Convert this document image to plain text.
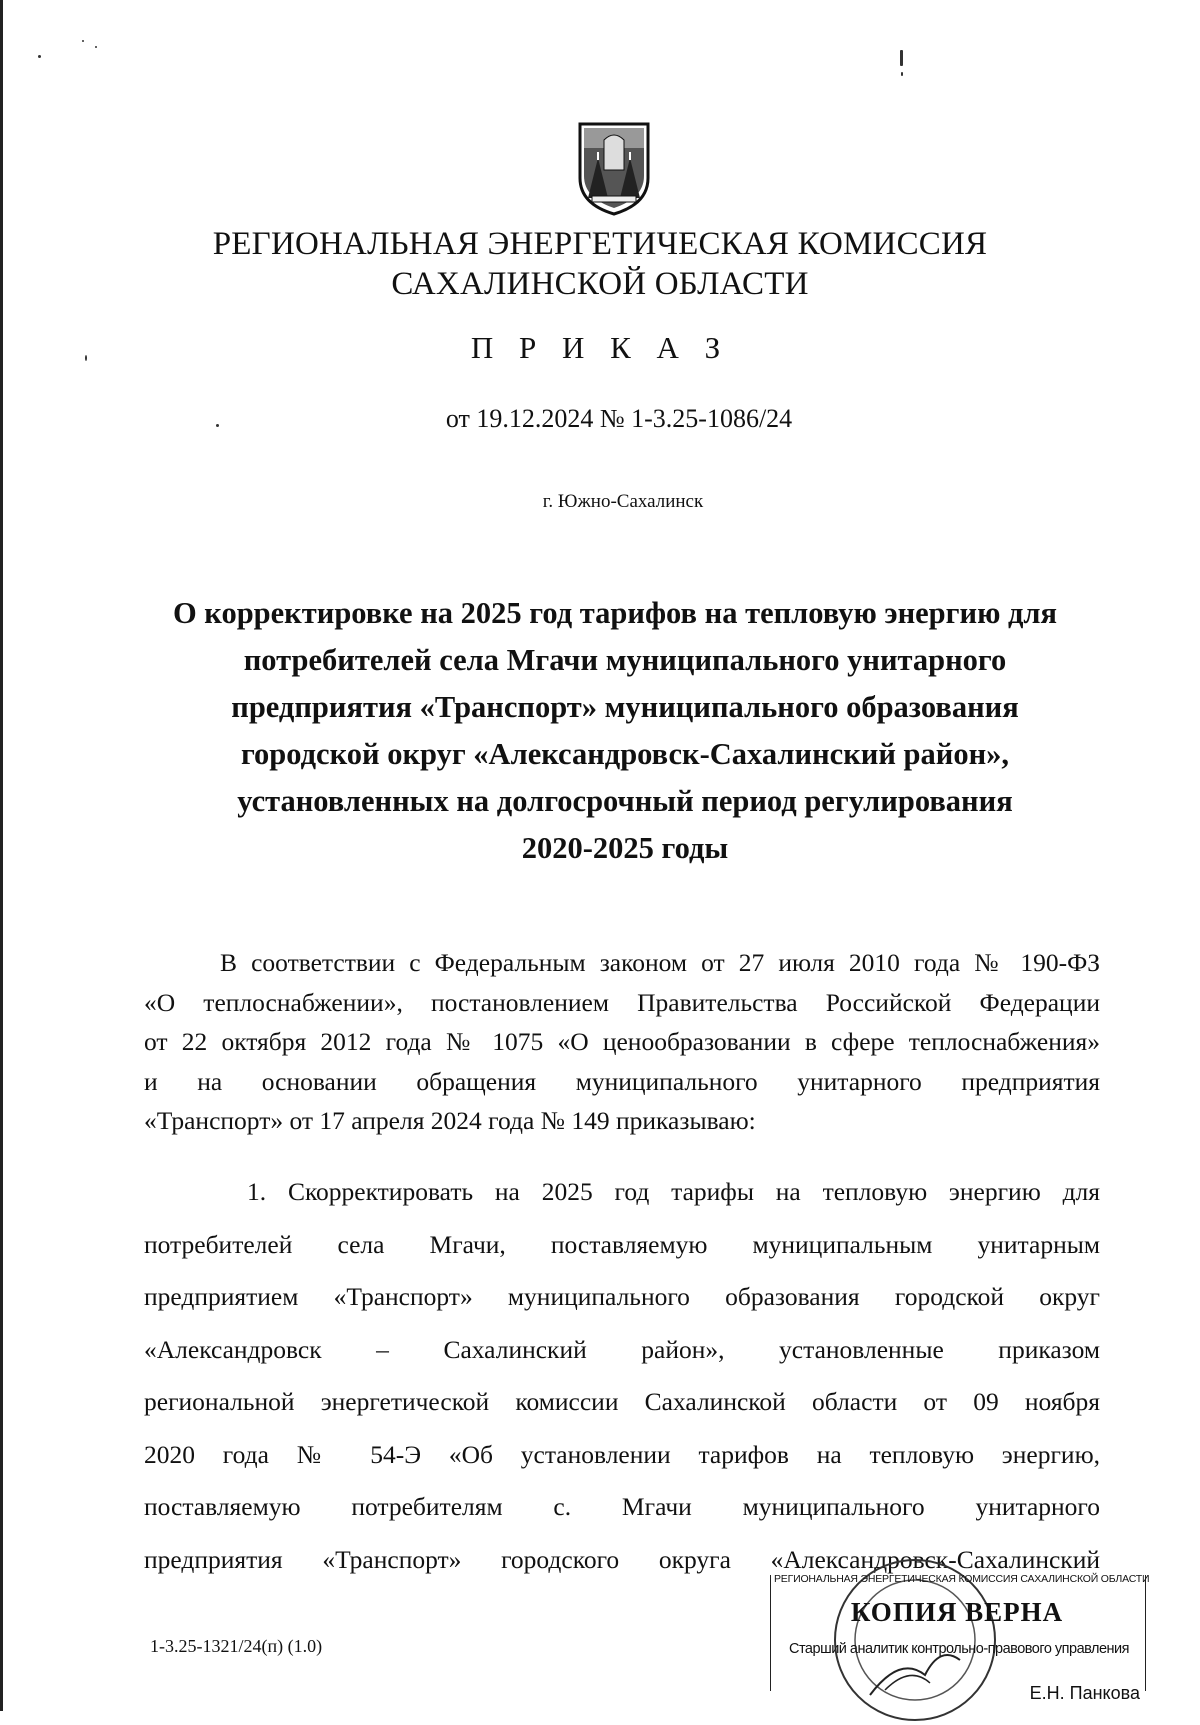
РЕГИОНАЛЬНАЯ ЭНЕРГЕТИЧЕСКАЯ КОМИССИЯ
САХАЛИНСКОЙ ОБЛАСТИ
П Р И К А З
от 19.12.2024 № 1-3.25-1086/24
г. Южно-Сахалинск
О корректировке на 2025 год тарифов на тепловую энергию для
потребителей села Мгачи муниципального унитарного
предприятия «Транспорт» муниципального образования
городской округ «Александровск-Сахалинский район»,
установленных на долгосрочный период регулирования
2020-2025 годы
В соответствии с Федеральным законом от 27 июля 2010 года № 190-ФЗ
«О теплоснабжении», постановлением Правительства Российской Федерации
от 22 октября 2012 года № 1075 «О ценообразовании в сфере теплоснабжения»
и на основании обращения муниципального унитарного предприятия
«Транспорт» от 17 апреля 2024 года № 149 приказываю:
1. Скорректировать на 2025 год тарифы на тепловую энергию для
потребителей села Мгачи, поставляемую муниципальным унитарным
предприятием «Транспорт» муниципального образования городской округ
«Александровск – Сахалинский район», установленные приказом
региональной энергетической комиссии Сахалинской области от 09 ноября
2020 года № 54-Э «Об установлении тарифов на тепловую энергию,
поставляемую потребителям с. Мгачи муниципального унитарного
предприятия «Транспорт» городского округа «Александровск-Сахалинский
1-3.25-1321/24(п) (1.0)
РЕГИОНАЛЬНАЯ ЭНЕРГЕТИЧЕСКАЯ КОМИССИЯ САХАЛИНСКОЙ ОБЛАСТИ
КОПИЯ ВЕРНА
Старший аналитик контрольно-правового управления
Е.Н. Панкова
